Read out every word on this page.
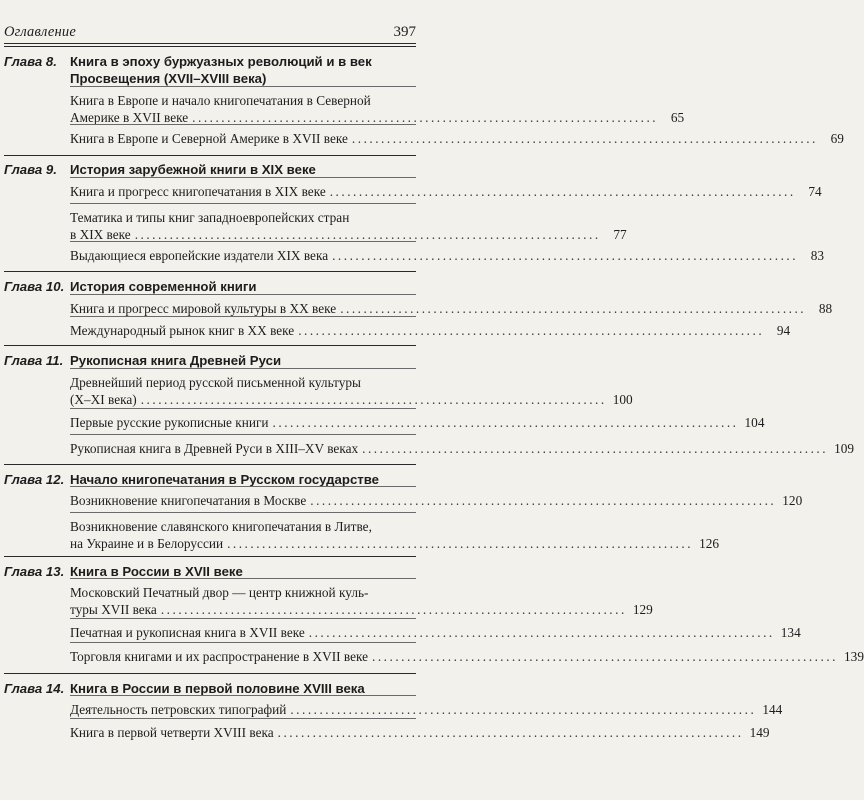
Оглавление	397
Глава 8. Книга в эпоху буржуазных революций и в век Просвещения (XVII–XVIII века)
Книга в Европе и начало книгопечатания в Северной
Америке в XVII веке ................................................................................ 65
Книга в Европе и Северной Америке в XVII веке ................................................................................ 69
Глава 9. История зарубежной книги в XIX веке
Книга и прогресс книгопечатания в XIX веке ................................................................................ 74
Тематика и типы книг западноевропейских стран
в XIX веке ................................................................................ 77
Выдающиеся европейские издатели XIX века ................................................................................ 83
Глава 10. История современной книги
Книга и прогресс мировой культуры в XX веке ................................................................................ 88
Международный рынок книг в XX веке ................................................................................ 94
Глава 11. Рукописная книга Древней Руси
Древнейший период русской письменной культуры
(X–XI века) ................................................................................ 100
Первые русские рукописные книги ................................................................................ 104
Рукописная книга в Древней Руси в XIII–XV веках ................................................................................ 109
Глава 12. Начало книгопечатания в Русском государстве
Возникновение книгопечатания в Москве ................................................................................ 120
Возникновение славянского книгопечатания в Литве,
на Украине и в Белоруссии ................................................................................ 126
Глава 13. Книга в России в XVII веке
Московский Печатный двор — центр книжной куль-
туры XVII века ................................................................................ 129
Печатная и рукописная книга в XVII веке ................................................................................ 134
Торговля книгами и их распространение в XVII веке ................................................................................ 139
Глава 14. Книга в России в первой половине XVIII века
Деятельность петровских типографий ................................................................................ 144
Книга в первой четверти XVIII века ................................................................................ 149
